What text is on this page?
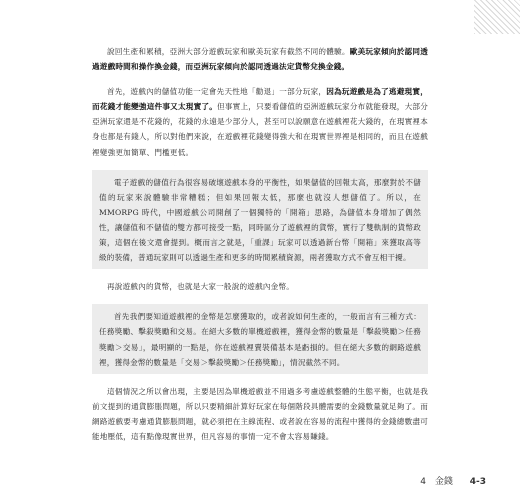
說回生產和累積，亞洲大部分遊戲玩家和歐美玩家有截然不同的體驗。歐美玩家傾向於認同透過遊戲時間和操作換金錢，而亞洲玩家傾向於認同透過法定貨幣兌換金錢。

首先，遊戲內的儲值功能一定會先天性地「勸退」一部分玩家，因為玩遊戲是為了逃避現實，而花錢才能變強這件事又太現實了。但事實上，只要看儲值的亞洲遊戲玩家分布就能發現，大部分亞洲玩家還是不花錢的，花錢的永遠是少部分人，甚至可以說願意在遊戲裡花大錢的，在現實裡本身也都是有錢人，所以對他們來說，在遊戲裡花錢變得強大和在現實世界裡是相同的，而且在遊戲裡變強更加簡單、門檻更低。

電子遊戲的儲值行為很容易破壞遊戲本身的平衡性，如果儲值的回報太高，那麼對於不儲值的玩家來說體驗非常糟糕；但如果回報太低，那麼也就沒人想儲值了。所以，在 MMORPG 時代，中國遊戲公司開創了一個獨特的「開箱」思路，為儲值本身增加了偶然性，讓儲值和不儲值的雙方都可接受一點，同時區分了遊戲裡的貨幣，實行了雙軌制的貨幣政策，這個在後文還會提到。概而言之就是，「重課」玩家可以透過新台幣「開箱」來獲取高等級的裝備，普通玩家則可以透過生產和更多的時間累積資源，兩者獲取方式不會互相干擾。

再說遊戲內的貨幣，也就是大家一般說的遊戲內金幣。

首先我們要知道遊戲裡的金幣是怎麼獲取的，或者說如何生產的，一般而言有三種方式：任務獎勵、擊殺獎勵和交易。在絕大多數的單機遊戲裡，獲得金幣的數量是「擊殺獎勵＞任務獎勵＞交易」，最明顯的一點是，你在遊戲裡賣裝備基本是虧損的。但在絕大多數的網路遊戲裡，獲得金幣的數量是「交易＞擊殺獎勵＞任務獎勵」，情況截然不同。

這個情況之所以會出現，主要是因為單機遊戲並不用過多考慮遊戲整體的生態平衡，也就是我前文提到的通貨膨脹問題，所以只要精細計算好玩家在每個階段具體需要的金錢數量就足夠了。而網路遊戲要考慮通貨膨脹問題，就必須把在主線流程、或者說在容易的流程中獲得的金錢總數盡可能地壓低，這有點像現實世界，但凡容易的事情一定不會太容易賺錢。

4 金錢 4-3
